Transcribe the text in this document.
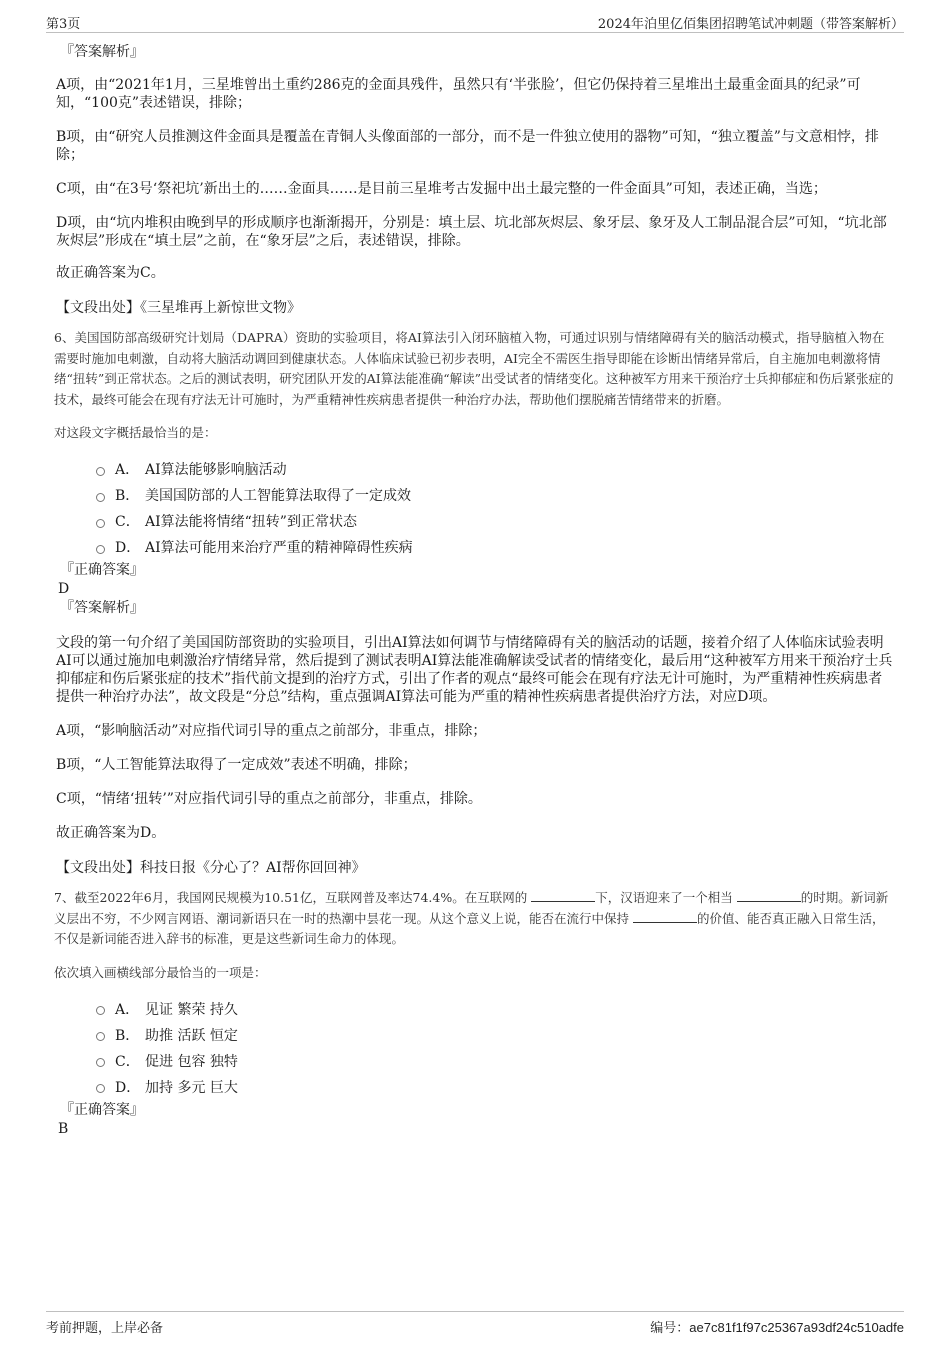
第3页	2024年泊里亿佰集团招聘笔试冲刺题（带答案解析）
『答案解析』

A项，由“2021年1月，三星堆曾出土重约286克的金面具残件，虽然只有‘半张脸’，但它仍保持着三星堆出土最重金面具的纪录”可知，“100克”表述错误，排除；

B项，由“研究人员推测这件金面具是覆盖在青铜人头像面部的一部分，而不是一件独立使用的器物”可知，“独立覆盖”与文意相悖，排除；

C项，由“在3号‘祭祀坑’新出土的……金面具……是目前三星堆考古发掘中出土最完整的一件金面具”可知，表述正确，当选；

D项，由“坑内堆积由晚到早的形成顺序也渐渐揭开，分别是：填土层、坑北部灰烬层、象牙层、象牙及人工制品混合层”可知，“坑北部灰烬层”形成在“填土层”之前，在“象牙层”之后，表述错误，排除。

故正确答案为C。

【文段出处】《三星堆再上新惊世文物》

6、美国国防部高级研究计划局（DAPRA）资助的实验项目，将AI算法引入闭环脑植入物，可通过识别与情绪障碍有关的脑活动模式，指导脑植入物在需要时施加电刺激，自动将大脑活动调回到健康状态。人体临床试验已初步表明，AI完全不需医生指导即能在诊断出情绪异常后，自主施加电刺激将情绪“扭转”到正常状态。之后的测试表明，研究团队开发的AI算法能准确“解读”出受试者的情绪变化。这种被军方用来干预治疗士兵抑郁症和伤后紧张症的技术，最终可能会在现有疗法无计可施时，为严重精神性疾病患者提供一种治疗办法，帮助他们摆脱痛苦情绪带来的折磨。

对这段文字概括最恰当的是：

A． AI算法能够影响脑活动
B． 美国国防部的人工智能算法取得了一定成效
C． AI算法能将情绪“扭转”到正常状态
D． AI算法可能用来治疗严重的精神障碍性疾病
『正确答案』
D
『答案解析』

文段的第一句介绍了美国国防部资助的实验项目，引出AI算法如何调节与情绪障碍有关的脑活动的话题，接着介绍了人体临床试验表明AI可以通过施加电刺激治疗情绪异常，然后提到了测试表明AI算法能准确解读受试者的情绪变化，最后用“这种被军方用来干预治疗士兵抑郁症和伤后紧张症的技术”指代前文提到的治疗方式，引出了作者的观点“最终可能会在现有疗法无计可施时，为严重精神性疾病患者提供一种治疗办法”，故文段是“分总”结构，重点强调AI算法可能为严重的精神性疾病患者提供治疗方法，对应D项。

A项，“影响脑活动”对应指代词引导的重点之前部分，非重点，排除；

B项，“人工智能算法取得了一定成效”表述不明确，排除；

C项，“情绪‘扭转’”对应指代词引导的重点之前部分，非重点，排除。

故正确答案为D。

【文段出处】科技日报《分心了？AI帮你回回神》

7、截至2022年6月，我国网民规模为10.51亿，互联网普及率达74.4%。在互联网的	下，汉语迎来了一个相当	的时期。新词新义层出不穷，不少网言网语、潮词新语只在一时的热潮中昙花一现。从这个意义上说，能否在流行中保持	的价值、能否真正融入日常生活，不仅是新词能否进入辞书的标准，更是这些新词生命力的体现。

依次填入画横线部分最恰当的一项是：

A． 见证 繁荣 持久
B． 助推 活跃 恒定
C． 促进 包容 独特
D． 加持 多元 巨大
『正确答案』
B
考前押题，上岸必备	编号：ae7c81f1f97c25367a93df24c510adfe
